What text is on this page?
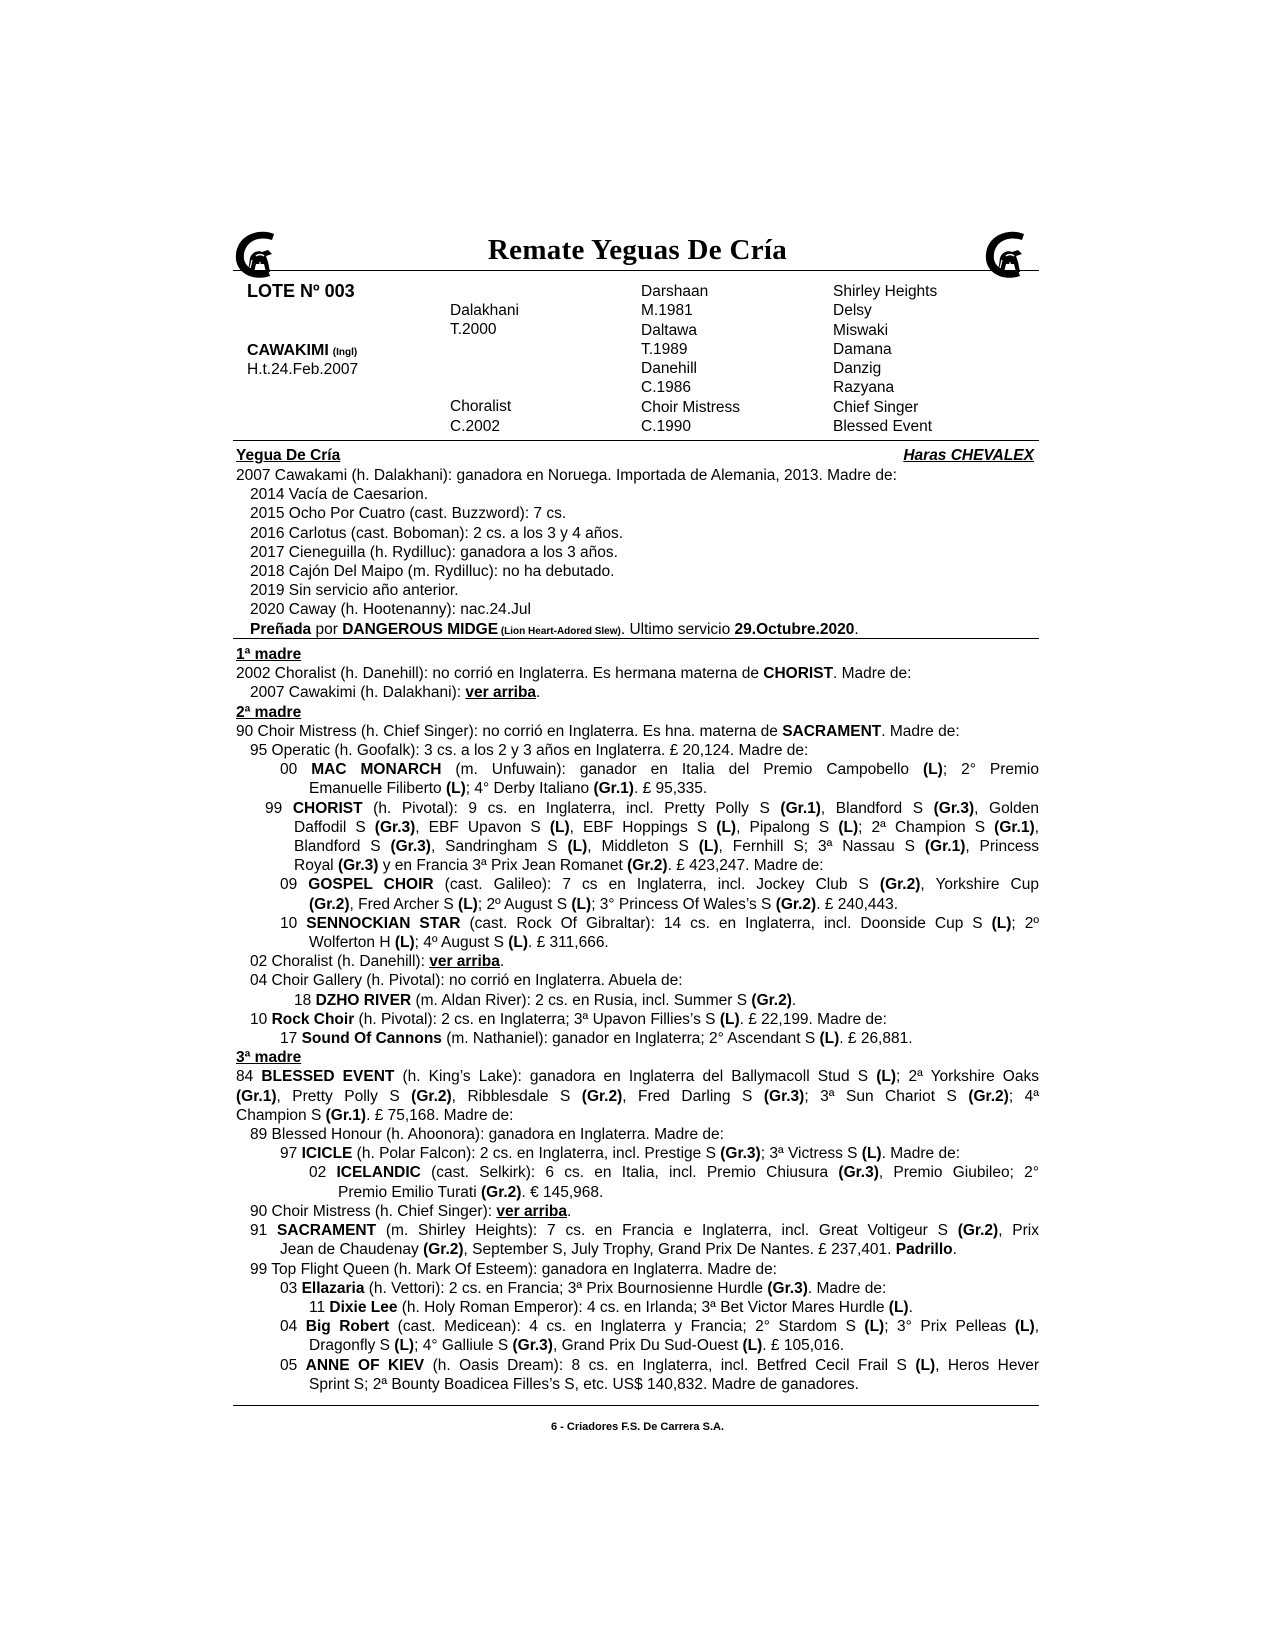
Remate Yeguas De Cría
LOTE Nº 003
CAWAKIMI (Ingl)
H.t.24.Feb.2007
Dalakhani
T.2000
Choralist
C.2002
Darshaan
M.1981
Daltawa
T.1989
Danehill
C.1986
Choir Mistress
C.1990
Shirley Heights
Delsy
Miswaki
Damana
Danzig
Razyana
Chief Singer
Blessed Event
Yegua De Cría	Haras CHEVALEX
2007 Cawakami (h. Dalakhani): ganadora en Noruega. Importada de Alemania, 2013. Madre de:
2014 Vacía de Caesarion.
2015 Ocho Por Cuatro (cast. Buzzword): 7 cs.
2016 Carlotus (cast. Boboman): 2 cs. a los 3 y 4 años.
2017 Cieneguilla (h. Rydilluc): ganadora a los 3 años.
2018 Cajón Del Maipo (m. Rydilluc): no ha debutado.
2019 Sin servicio año anterior.
2020 Caway (h. Hootenanny): nac.24.Jul
Preñada por DANGEROUS MIDGE (Lion Heart-Adored Slew). Ultimo servicio 29.Octubre.2020.
1ª madre
2002 Choralist (h. Danehill): no corrió en Inglaterra. Es hermana materna de CHORIST. Madre de:
2007 Cawakimi (h. Dalakhani): ver arriba.
2ª madre
90 Choir Mistress (h. Chief Singer): no corrió en Inglaterra. Es hna. materna de SACRAMENT. Madre de:
95 Operatic (h. Goofalk): 3 cs. a los 2 y 3 años en Inglaterra. £ 20,124. Madre de:
00 MAC MONARCH (m. Unfuwain): ganador en Italia del Premio Campobello (L); 2° Premio
Emanuelle Filiberto (L); 4° Derby Italiano (Gr.1). £ 95,335.
99 CHORIST (h. Pivotal): 9 cs. en Inglaterra, incl. Pretty Polly S (Gr.1), Blandford S (Gr.3), Golden
Daffodil S (Gr.3), EBF Upavon S (L), EBF Hoppings S (L), Pipalong S (L); 2ª Champion S (Gr.1),
Blandford S (Gr.3), Sandringham S (L), Middleton S (L), Fernhill S; 3ª Nassau S (Gr.1), Princess
Royal (Gr.3) y en Francia 3ª Prix Jean Romanet (Gr.2). £ 423,247. Madre de:
09 GOSPEL CHOIR (cast. Galileo): 7 cs en Inglaterra, incl. Jockey Club S (Gr.2), Yorkshire Cup
(Gr.2), Fred Archer S (L); 2º August S (L); 3° Princess Of Wales’s S (Gr.2). £ 240,443.
10 SENNOCKIAN STAR (cast. Rock Of Gibraltar): 14 cs. en Inglaterra, incl. Doonside Cup S (L); 2º
Wolferton H (L); 4º August S (L). £ 311,666.
02 Choralist (h. Danehill): ver arriba.
04 Choir Gallery (h. Pivotal): no corrió en Inglaterra. Abuela de:
18 DZHO RIVER (m. Aldan River): 2 cs. en Rusia, incl. Summer S (Gr.2).
10 Rock Choir (h. Pivotal): 2 cs. en Inglaterra; 3ª Upavon Fillies’s S (L). £ 22,199. Madre de:
17 Sound Of Cannons (m. Nathaniel): ganador en Inglaterra; 2° Ascendant S (L). £ 26,881.
3ª madre
84 BLESSED EVENT (h. King’s Lake): ganadora en Inglaterra del Ballymacoll Stud S (L); 2ª Yorkshire Oaks
(Gr.1), Pretty Polly S (Gr.2), Ribblesdale S (Gr.2), Fred Darling S (Gr.3); 3ª Sun Chariot S (Gr.2); 4ª
Champion S (Gr.1). £ 75,168. Madre de:
89 Blessed Honour (h. Ahoonora): ganadora en Inglaterra. Madre de:
97 ICICLE (h. Polar Falcon): 2 cs. en Inglaterra, incl. Prestige S (Gr.3); 3ª Victress S (L). Madre de:
02 ICELANDIC (cast. Selkirk): 6 cs. en Italia, incl. Premio Chiusura (Gr.3), Premio Giubileo; 2°
Premio Emilio Turati (Gr.2). € 145,968.
90 Choir Mistress (h. Chief Singer): ver arriba.
91 SACRAMENT (m. Shirley Heights): 7 cs. en Francia e Inglaterra, incl. Great Voltigeur S (Gr.2), Prix
Jean de Chaudenay (Gr.2), September S, July Trophy, Grand Prix De Nantes. £ 237,401. Padrillo.
99 Top Flight Queen (h. Mark Of Esteem): ganadora en Inglaterra. Madre de:
03 Ellazaria (h. Vettori): 2 cs. en Francia; 3ª Prix Bournosienne Hurdle (Gr.3). Madre de:
11 Dixie Lee (h. Holy Roman Emperor): 4 cs. en Irlanda; 3ª Bet Victor Mares Hurdle (L).
04 Big Robert (cast. Medicean): 4 cs. en Inglaterra y Francia; 2° Stardom S (L); 3° Prix Pelleas (L),
Dragonfly S (L); 4° Galliule S (Gr.3), Grand Prix Du Sud-Ouest (L). £ 105,016.
05 ANNE OF KIEV (h. Oasis Dream): 8 cs. en Inglaterra, incl. Betfred Cecil Frail S (L), Heros Hever
Sprint S; 2ª Bounty Boadicea Filles’s S, etc. US$ 140,832. Madre de ganadores.
6 - Criadores F.S. De Carrera S.A.
